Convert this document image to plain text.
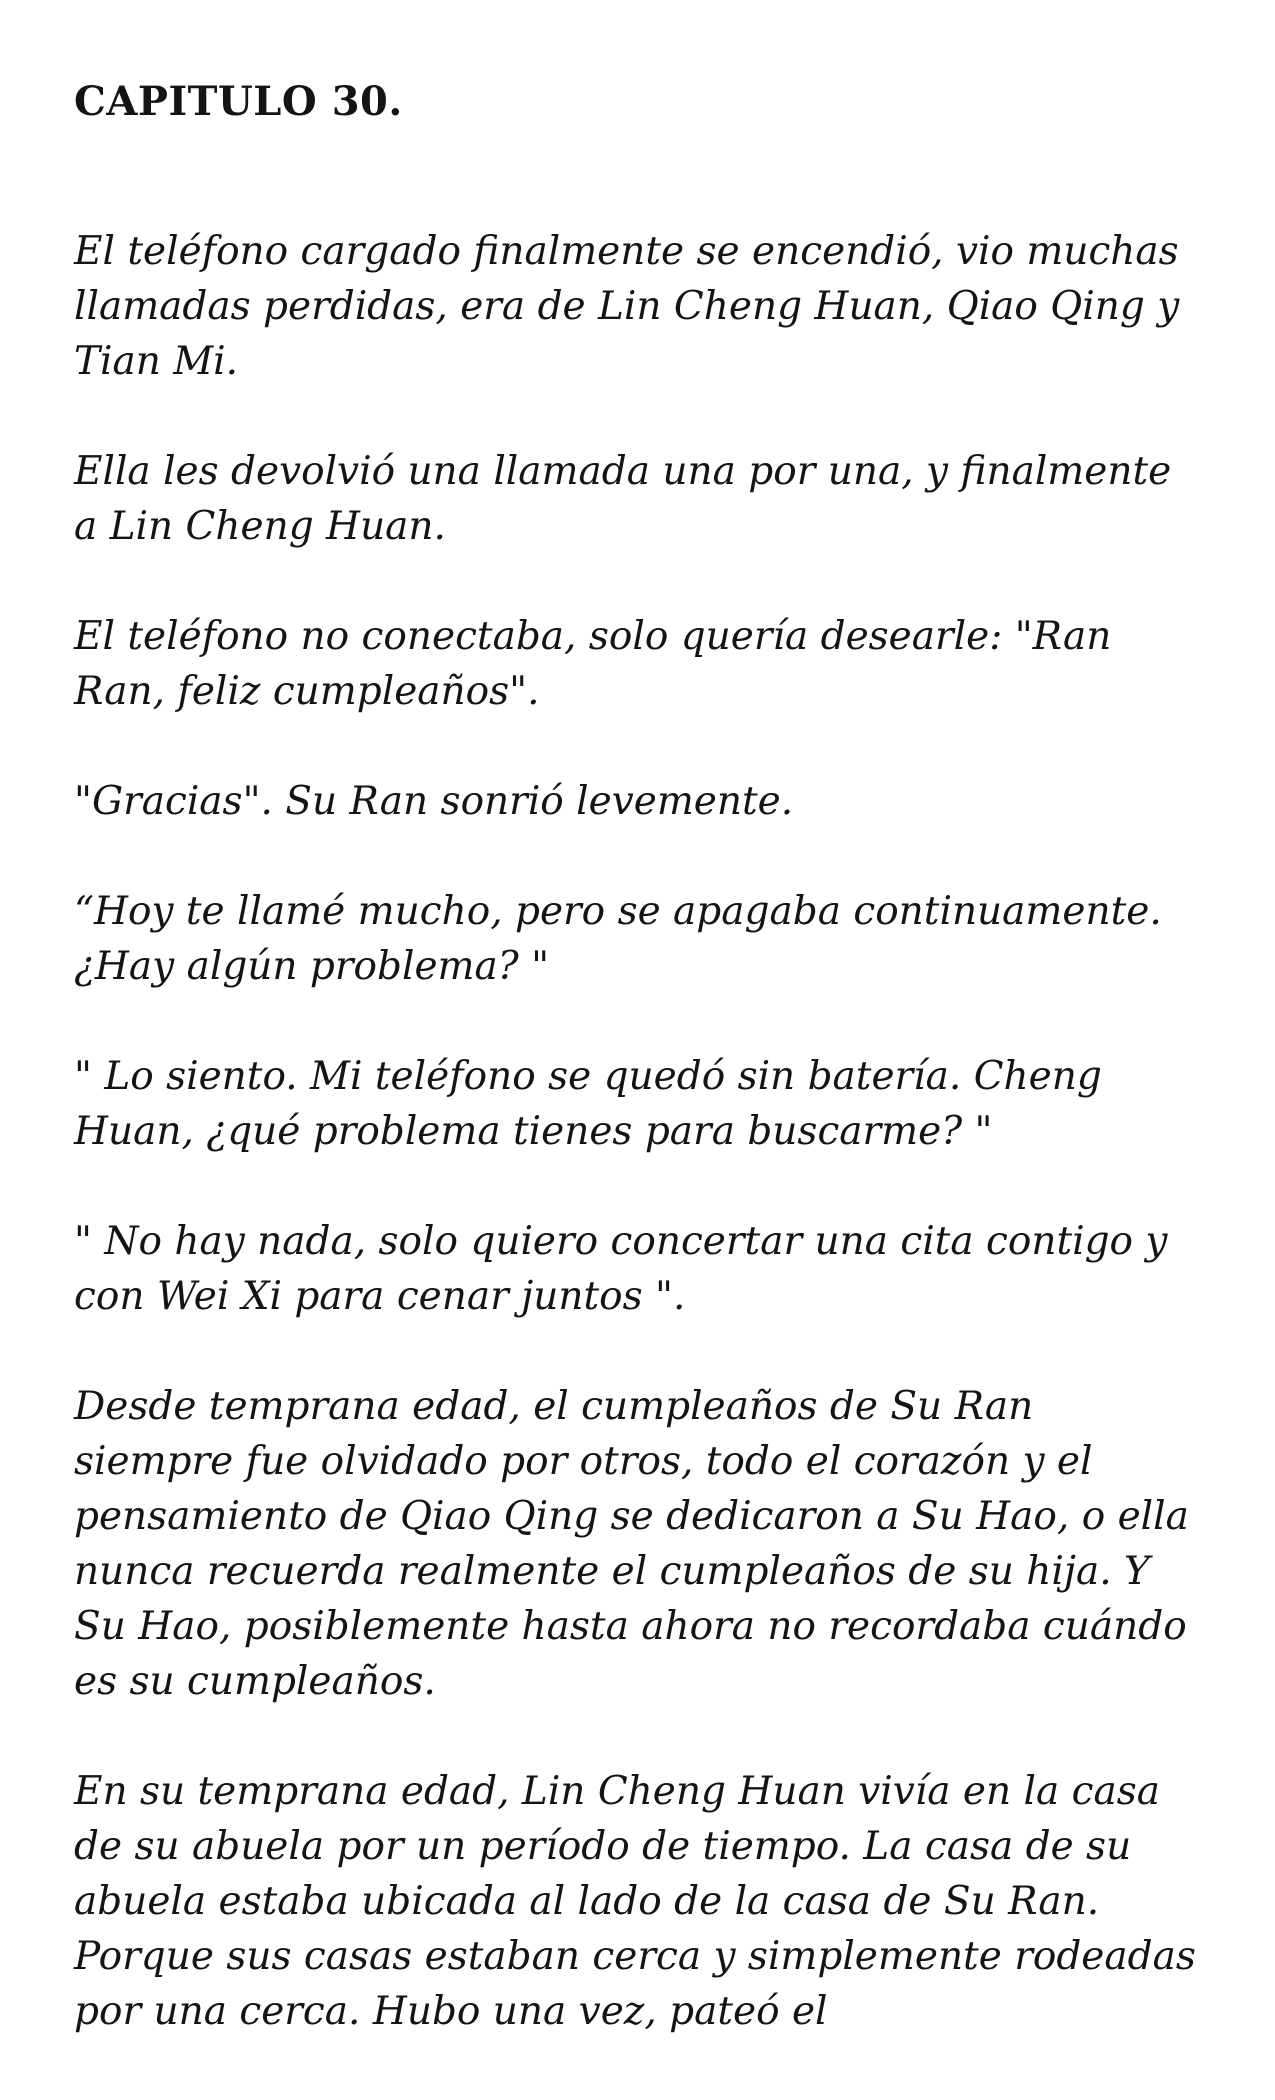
CAPITULO 30.

El teléfono cargado finalmente se encendió, vio muchas llamadas perdidas, era de Lin Cheng Huan, Qiao Qing y Tian Mi.

Ella les devolvió una llamada una por una, y finalmente a Lin Cheng Huan.

El teléfono no conectaba, solo quería desearle: "Ran Ran, feliz cumpleaños".

"Gracias". Su Ran sonrió levemente.

“Hoy te llamé mucho, pero se apagaba continuamente. ¿Hay algún problema? "

" Lo siento. Mi teléfono se quedó sin batería. Cheng Huan, ¿qué problema tienes para buscarme? "

" No hay nada, solo quiero concertar una cita contigo y con Wei Xi para cenar juntos ".

Desde temprana edad, el cumpleaños de Su Ran siempre fue olvidado por otros, todo el corazón y el pensamiento de Qiao Qing se dedicaron a Su Hao, o ella nunca recuerda realmente el cumpleaños de su hija. Y Su Hao, posiblemente hasta ahora no recordaba cuándo es su cumpleaños.

En su temprana edad, Lin Cheng Huan vivía en la casa de su abuela por un período de tiempo. La casa de su abuela estaba ubicada al lado de la casa de Su Ran. Porque sus casas estaban cerca y simplemente rodeadas por una cerca. Hubo una vez, pateó el
